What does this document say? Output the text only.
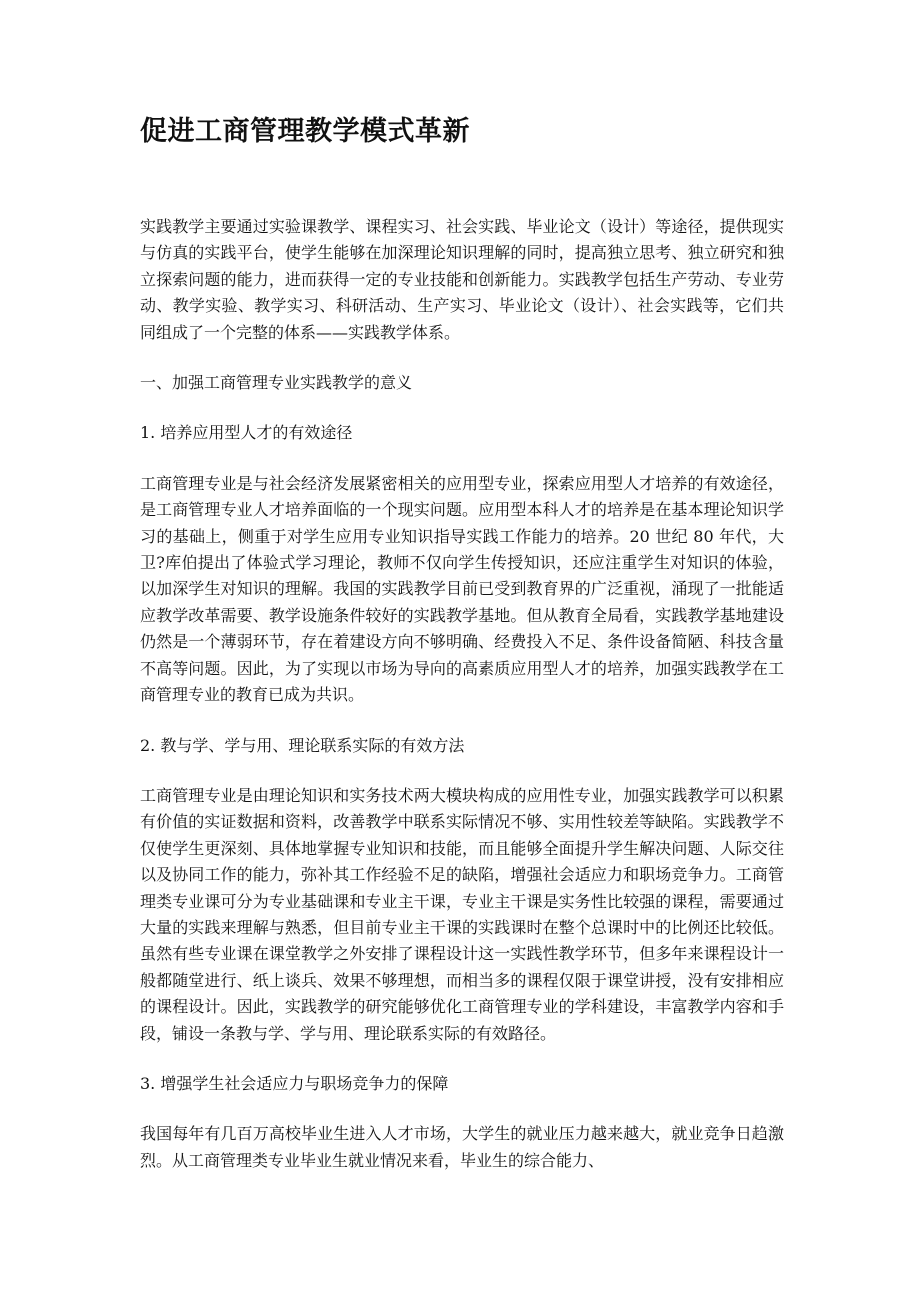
促进工商管理教学模式革新

实践教学主要通过实验课教学、课程实习、社会实践、毕业论文（设计）等途径，提供现实与仿真的实践平台，使学生能够在加深理论知识理解的同时，提高独立思考、独立研究和独立探索问题的能力，进而获得一定的专业技能和创新能力。实践教学包括生产劳动、专业劳动、教学实验、教学实习、科研活动、生产实习、毕业论文（设计）、社会实践等，它们共同组成了一个完整的体系——实践教学体系。

一、加强工商管理专业实践教学的意义

1. 培养应用型人才的有效途径

工商管理专业是与社会经济发展紧密相关的应用型专业，探索应用型人才培养的有效途径，是工商管理专业人才培养面临的一个现实问题。应用型本科人才的培养是在基本理论知识学习的基础上，侧重于对学生应用专业知识指导实践工作能力的培养。20 世纪 80 年代，大卫?库伯提出了体验式学习理论，教师不仅向学生传授知识，还应注重学生对知识的体验，以加深学生对知识的理解。我国的实践教学目前已受到教育界的广泛重视，涌现了一批能适应教学改革需要、教学设施条件较好的实践教学基地。但从教育全局看，实践教学基地建设仍然是一个薄弱环节，存在着建设方向不够明确、经费投入不足、条件设备简陋、科技含量不高等问题。因此，为了实现以市场为导向的高素质应用型人才的培养，加强实践教学在工商管理专业的教育已成为共识。

2. 教与学、学与用、理论联系实际的有效方法

工商管理专业是由理论知识和实务技术两大模块构成的应用性专业，加强实践教学可以积累有价值的实证数据和资料，改善教学中联系实际情况不够、实用性较差等缺陷。实践教学不仅使学生更深刻、具体地掌握专业知识和技能，而且能够全面提升学生解决问题、人际交往以及协同工作的能力，弥补其工作经验不足的缺陷，增强社会适应力和职场竞争力。工商管理类专业课可分为专业基础课和专业主干课，专业主干课是实务性比较强的课程，需要通过大量的实践来理解与熟悉，但目前专业主干课的实践课时在整个总课时中的比例还比较低。虽然有些专业课在课堂教学之外安排了课程设计这一实践性教学环节，但多年来课程设计一般都随堂进行、纸上谈兵、效果不够理想，而相当多的课程仅限于课堂讲授，没有安排相应的课程设计。因此，实践教学的研究能够优化工商管理专业的学科建设，丰富教学内容和手段，铺设一条教与学、学与用、理论联系实际的有效路径。

3. 增强学生社会适应力与职场竞争力的保障

我国每年有几百万高校毕业生进入人才市场，大学生的就业压力越来越大，就业竞争日趋激烈。从工商管理类专业毕业生就业情况来看，毕业生的综合能力、
